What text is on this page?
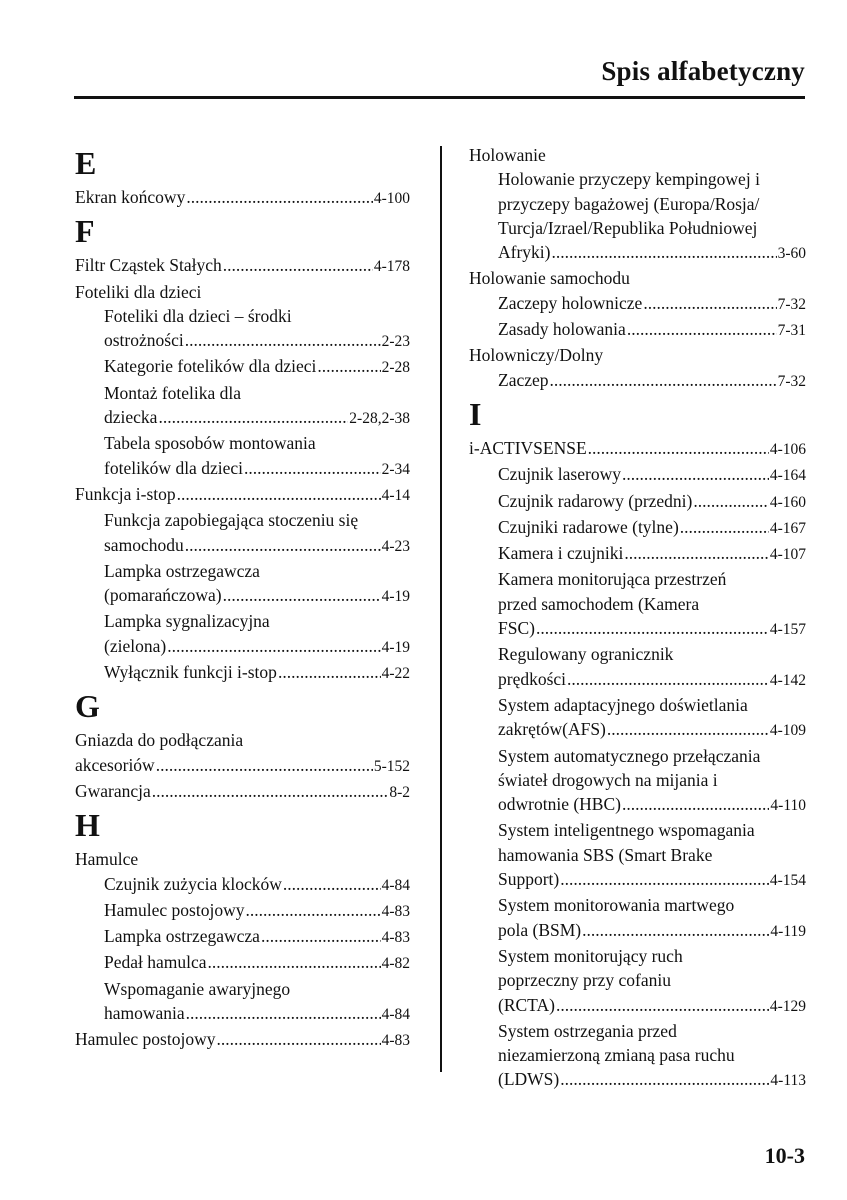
Spis alfabetyczny
E
Ekran końcowy .....	4-100
F
Filtr Cząstek Stałych .....	4-178
Foteliki dla dzieci
Foteliki dla dzieci – środki
ostrożności .....	2-23
Kategorie fotelików dla dzieci .....	2-28
Montaż fotelika dla
dziecka .....	2-28,2-38
Tabela sposobów montowania
fotelików dla dzieci .....	2-34
Funkcja i-stop .....	4-14
Funkcja zapobiegająca stoczeniu się
samochodu .....	4-23
Lampka ostrzegawcza
(pomarańczowa) .....	4-19
Lampka sygnalizacyjna
(zielona) .....	4-19
Wyłącznik funkcji i-stop .....	4-22
G
Gniazda do podłączania
akcesoriów .....	5-152
Gwarancja .....	8-2
H
Hamulce
Czujnik zużycia klocków .....	4-84
Hamulec postojowy .....	4-83
Lampka ostrzegawcza .....	4-83
Pedał hamulca .....	4-82
Wspomaganie awaryjnego
hamowania .....	4-84
Hamulec postojowy .....	4-83
Holowanie
Holowanie przyczepy kempingowej i
przyczepy bagażowej (Europa/Rosja/
Turcja/Izrael/Republika Południowej
Afryki) .....	3-60
Holowanie samochodu
Zaczepy holownicze .....	7-32
Zasady holowania .....	7-31
Holowniczy/Dolny
Zaczep .....	7-32
I
i-ACTIVSENSE .....	4-106
Czujnik laserowy .....	4-164
Czujnik radarowy (przedni) .....	4-160
Czujniki radarowe (tylne) .....	4-167
Kamera i czujniki .....	4-107
Kamera monitorująca przestrzeń
przed samochodem (Kamera
FSC) .....	4-157
Regulowany ogranicznik
prędkości .....	4-142
System adaptacyjnego doświetlania
zakrętów(AFS) .....	4-109
System automatycznego przełączania
świateł drogowych na mijania i
odwrotnie (HBC) .....	4-110
System inteligentnego wspomagania
hamowania SBS (Smart Brake
Support) .....	4-154
System monitorowania martwego
pola (BSM) .....	4-119
System monitorujący ruch
poprzeczny przy cofaniu
(RCTA) .....	4-129
System ostrzegania przed
niezamierzoną zmianą pasa ruchu
(LDWS) .....	4-113
10-3
